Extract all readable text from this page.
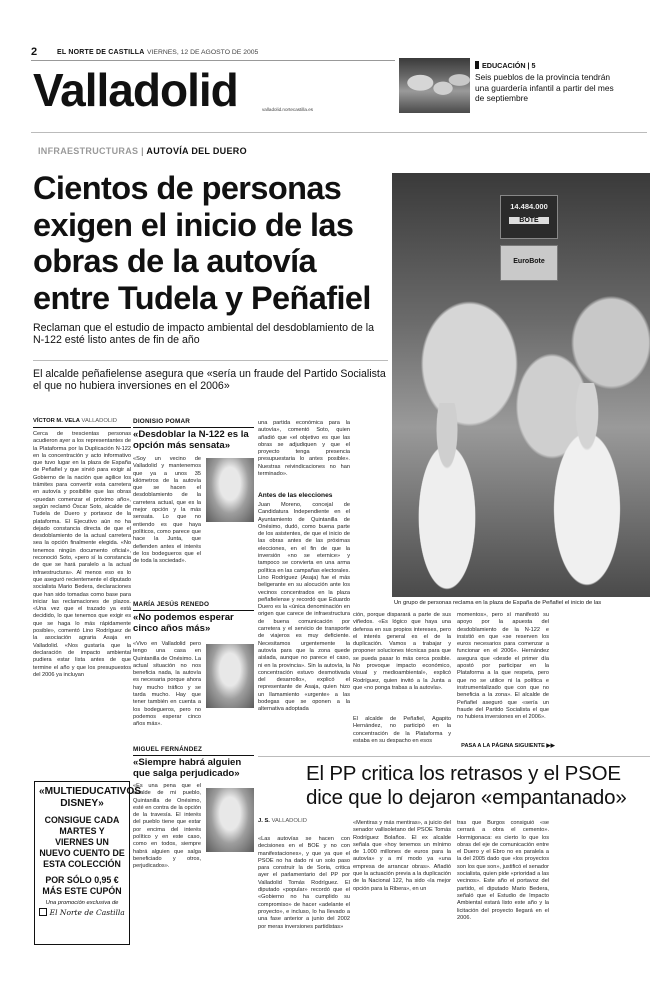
2	EL NORTE DE CASTILLA VIERNES, 12 DE AGOSTO DE 2005
Valladolid	valladolid.nortecastilla.es
EDUCACIÓN | 5
Seis pueblos de la provincia tendrán una guardería infantil a partir del mes de septiembre
INFRAESTRUCTURAS | AUTOVÍA DEL DUERO
Cientos de personas exigen el inicio de las obras de la autovía entre Tudela y Peñafiel
Reclaman que el estudio de impacto ambiental del desdoblamiento de la N-122 esté listo antes de fin de año
El alcalde peñafielense asegura que «sería un fraude del Partido Socialista el que no hubiera inversiones en el 2006»
14.484.000
BOTE
EuroBote
Un grupo de personas reclama en la plaza de España de Peñafiel el inicio de las
VÍCTOR M. VELA VALLADOLID
Cerca de trescientas personas acudieron ayer a los representantes de la Plataforma por la Duplicación N-122 en la concentración y acto informativo que tuvo lugar en la plaza de España de Peñafiel y que sirvió para exigir al Gobierno de la nación que agilice los trámites para convertir esta carretera en autovía y posibilite que las obras «puedan comenzar el próximo año», según reclamó Óscar Soto, alcalde de Tudela de Duero y portavoz de la plataforma. El Ejecutivo aún no ha dejado constancia directa de que el desdoblamiento de la actual carretera sea la opción finalmente elegida. «No tenemos ningún documento oficial», reconoció Soto, «pero sí la constancia de que se hará paralelo a la actual infraestructura». Al menos eso es lo que aseguró recientemente el diputado socialista Mario Bedera, declaraciones que han sido tomadas como base para iniciar las reclamaciones de plazos. «Una vez que el trazado ya está decidido, lo que tenemos que exigir es que se haga lo más rápidamente posible», comentó Lino Rodríguez de la asociación agraria Asaja en Valladolid. «Nos gustaría que la declaración de impacto ambiental pudiera estar lista antes de que termine el año y que los presupuestos del 2006 ya incluyan
DIONISIO POMAR
«Desdoblar la N-122 es la opción más sensata»
«Soy un vecino de Valladolid y mantenemos que ya a unos 35 kilómetros de la autovía que se hacen el desdoblamiento de la carretera actual, que es la mejor opción y la más sensata. Lo que no entiendo es que haya políticos, como parece que hace la Junta, que defienden antes el interés de los bodegueros que el de toda la sociedad».
MARÍA JESÚS RENEDO
«No podemos esperar cinco años más»
«Vivo en Valladolid pero tengo una casa en Quintanilla de Onésimo. La actual situación no nos beneficia nada, la autovía es necesaria porque ahora hay mucho tráfico y se tarda mucho. Hay que tener también en cuenta a los bodegueros, pero no podemos esperar cinco años más».
MIGUEL FERNÁNDEZ
«Siempre habrá alguien que salga perjudicado»
«Es una pena que el alcalde de mi pueblo, Quintanilla de Onésimo, esté en contra de la opción de la travesía. El interés del pueblo tiene que estar por encima del interés político y en este caso, como en todos, siempre habrá alguien que salga beneficiado y otros, perjudicados».
una partida económica para la autovía», comentó Soto, quien añadió que «el objetivo es que las obras se adjudiquen y que el proyecto tenga presencia presupuestaria lo antes posible». Nuestras reivindicaciones no han terminado».
Antes de las elecciones
Juan Moreno, concejal de Candidatura Independiente en el Ayuntamiento de Quintanilla de Onésimo, dudó, como buena parte de los asistentes, de que el inicio de las obras antes de las próximas elecciones, en el fin de que la inversión «no se eternice» y tampoco se convierta en una arma política en las campañas electorales. Lino Rodríguez (Asaja) fue el más beligerante en su alocución ante los vecinos concentrados en la plaza peñafielense y recordó que Eduardo Duero es la «única denominación en origen que carece de infraestructura de buena comunicación por carretera y el servicio de transporte de viajeros es muy deficiente. Necesitamos urgentemente la autovía para que la zona quede aislada, aunque no parece el caso, ni en la provincia». Sin la autovía, la concentración estuvo desmotivada del desarrollo», explicó el representante de Asaja, quien hizo un llamamiento «urgente» a las bodegas que se oponen a la alternativa adoptada
ción, porque disparará a parte de sus viñedos. «Es lógico que haya una defensa en sus propios intereses, pero el interés general es el de la duplicación. Vamos a trabajar y proponer soluciones técnicas para que se pueda pasar lo más cerca posible. No provoque impacto económico, visual y medioambiental», explicó Rodríguez, quien invitó a la Junta a que «no ponga trabas a la autovía».
El alcalde de Peñafiel, Agapito Hernández, no participó en la concentración de la Plataforma y estaba en su despacho en esos
momentos», pero sí manifestó su apoyo por la apuesta del desdoblamiento de la N-122 e insistió en que «se reserven los euros necesarios para comenzar a funcionar en el 2006». Hernández asegura que «desde el primer día apostó por participar en la Plataforma a la que respeta, pero que no se utilice ni la política e instrumentalizado que con que no beneficia a la zona». El alcalde de Peñafiel aseguró que «sería un fraude del Partido Socialista el que no hubiera inversiones en el 2006».
PASA A LA PÁGINA SIGUIENTE ▶▶
«MULTIEDUCATIVOS DISNEY»
CONSIGUE CADA MARTES Y VIERNES UN NUEVO CUENTO DE ESTA COLECCIÓN
POR SÓLO 0,95 € MÁS ESTE CUPÓN
Una promoción exclusiva de
El Norte de Castilla
El PP critica los retrasos y el PSOE dice que lo dejaron «empantanado»
J. S. VALLADOLID
«Las autovías se hacen con decisiones en el BOE y no con manifestaciones», y que ya que el PSOE no ha dado ni un solo paso para construir la de Soria, critica ayer el parlamentario del PP por Valladolid Tomás Rodríguez. El diputado «popular» recordó que el «Gobierno no ha cumplido su compromiso» de hacer «adelante el proyecto», e incluso, lo ha llevado a una fase anterior a junio del 2002 por meras inversiones partidistas»
«Mentiras y más mentiras», a juicio del senador vallisoletano del PSOE Tomás Rodríguez Bolaños. El ex alcalde señala que «hoy tenemos un mínimo de 1.000 millones de euros para la autovía» y a mí modo ya «una empresa de arrancar obras». Añadió que la actuación previa a la duplicación de la Nacional 122, ha sido «la mejor opción para la Ribera», en un
tras que Burgos consiguió «se cerrará a obra el cemento». Hormigonaca: es cierto lo que los obras del eje de comunicación entre el Duero y el Ebro no es paralela a la del 2005 dado que «los proyectos son los que son», justificó el senador socialista, quien pide «prioridad a las vecinos». Este año el portavoz del partido, el diputado Mario Bedera, señaló que el Estudio de Impacto Ambiental estará listo este año y la licitación del proyecto llegará en el 2006.
